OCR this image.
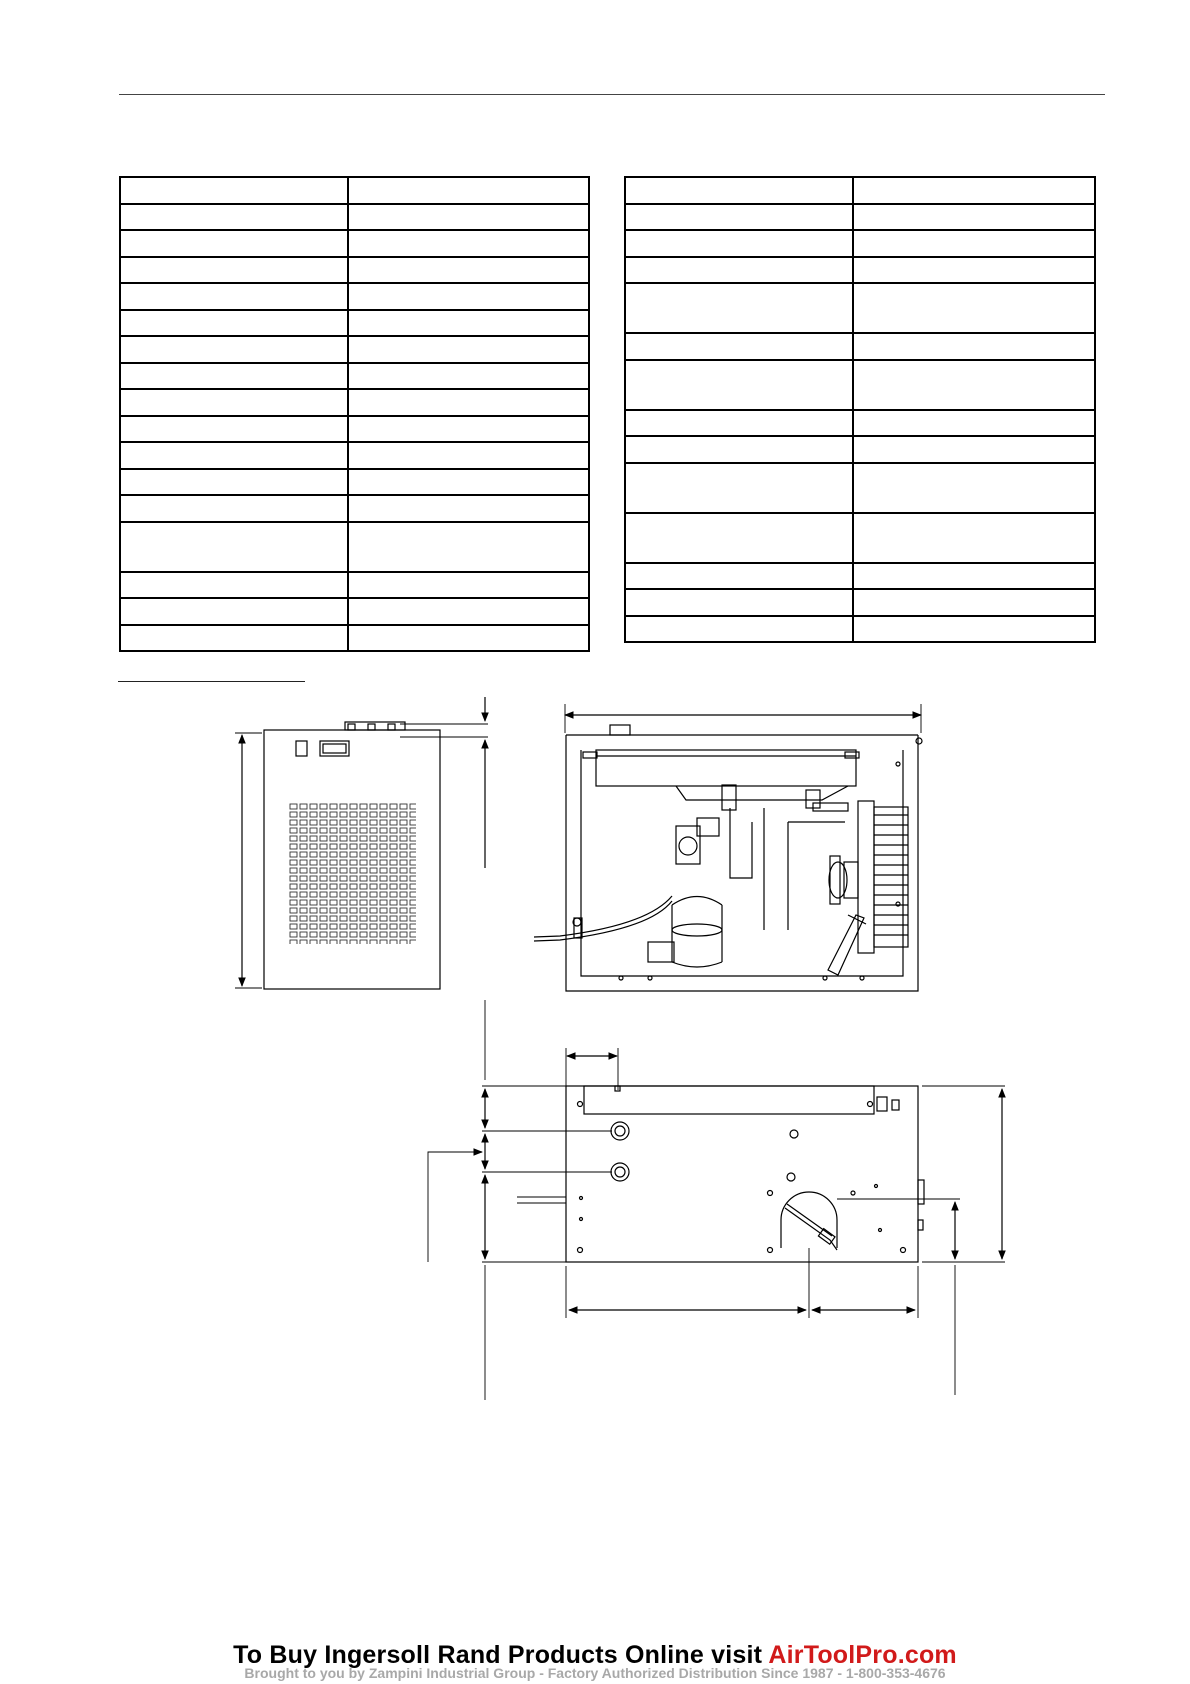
To Buy Ingersoll Rand Products Online visit AirToolPro.com
Brought to you by Zampini Industrial Group - Factory Authorized Distribution Since 1987 - 1-800-353-4676
